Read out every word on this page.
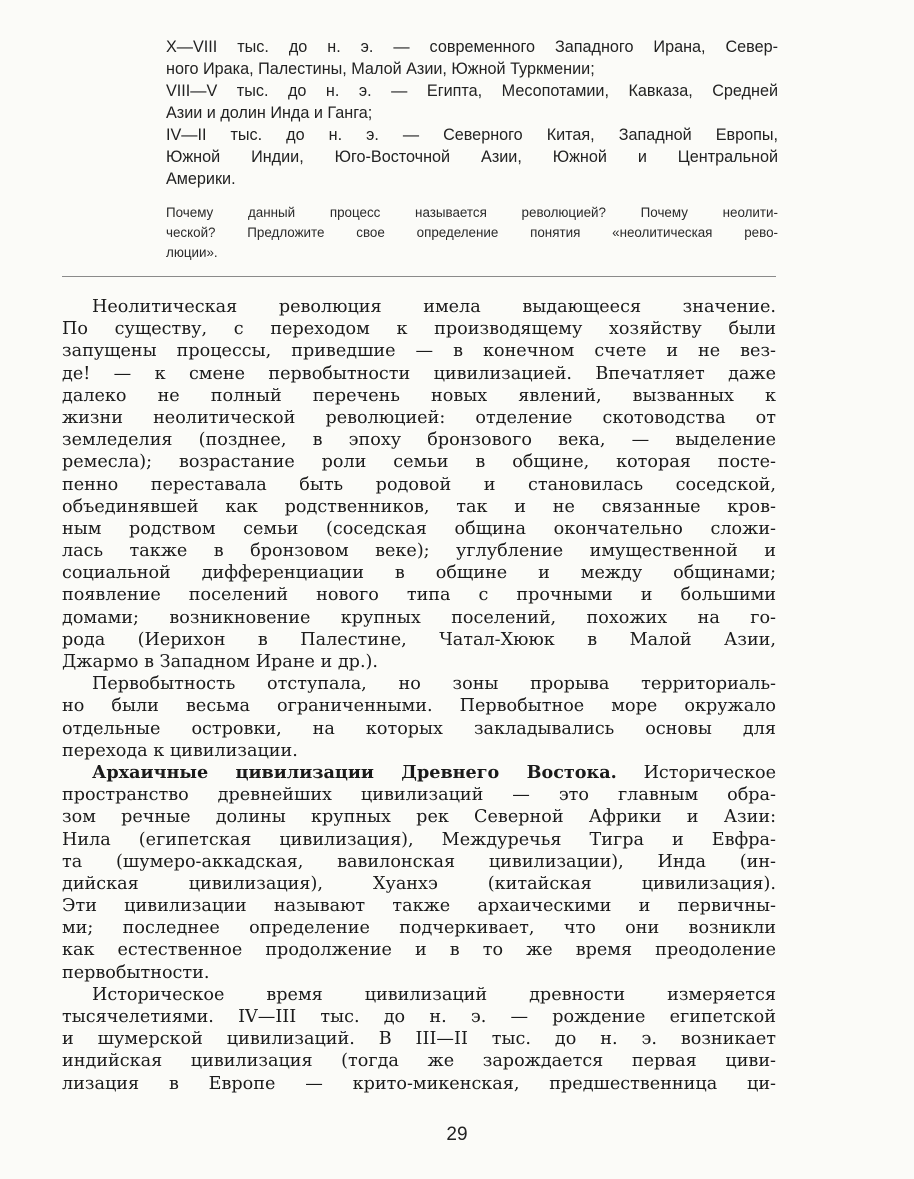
X—VIII тыс. до н. э. — современного Западного Ирана, Север-
ного Ирака, Палестины, Малой Азии, Южной Туркмении;
VIII—V тыс. до н. э. — Египта, Месопотамии, Кавказа, Средней
Азии и долин Инда и Ганга;
IV—II тыс. до н. э. — Северного Китая, Западной Европы,
Южной Индии, Юго-Восточной Азии, Южной и Центральной
Америки.
Почему данный процесс называется революцией? Почему неолити-
ческой? Предложите свое определение понятия «неолитическая рево-
люции».
Неолитическая революция имела выдающееся значение.
По существу, с переходом к производящему хозяйству были
запущены процессы, приведшие — в конечном счете и не вез-
де! — к смене первобытности цивилизацией. Впечатляет даже
далеко не полный перечень новых явлений, вызванных к
жизни неолитической революцией: отделение скотоводства от
земледелия (позднее, в эпоху бронзового века, — выделение
ремесла); возрастание роли семьи в общине, которая посте-
пенно переставала быть родовой и становилась соседской,
объединявшей как родственников, так и не связанные кров-
ным родством семьи (соседская община окончательно сложи-
лась также в бронзовом веке); углубление имущественной и
социальной дифференциации в общине и между общинами;
появление поселений нового типа с прочными и большими
домами; возникновение крупных поселений, похожих на го-
рода (Иерихон в Палестине, Чатал-Хююк в Малой Азии,
Джармо в Западном Иране и др.).
Первобытность отступала, но зоны прорыва территориаль-
но были весьма ограниченными. Первобытное море окружало
отдельные островки, на которых закладывались основы для
перехода к цивилизации.
Архаичные цивилизации Древнего Востока. Историческое
пространство древнейших цивилизаций — это главным обра-
зом речные долины крупных рек Северной Африки и Азии:
Нила (египетская цивилизация), Междуречья Тигра и Евфра-
та (шумеро-аккадская, вавилонская цивилизации), Инда (ин-
дийская цивилизация), Хуанхэ (китайская цивилизация).
Эти цивилизации называют также архаическими и первичны-
ми; последнее определение подчеркивает, что они возникли
как естественное продолжение и в то же время преодоление
первобытности.
Историческое время цивилизаций древности измеряется
тысячелетиями. IV—III тыс. до н. э. — рождение египетской
и шумерской цивилизаций. В III—II тыс. до н. э. возникает
индийская цивилизация (тогда же зарождается первая циви-
лизация в Европе — крито-микенская, предшественница ци-
29
